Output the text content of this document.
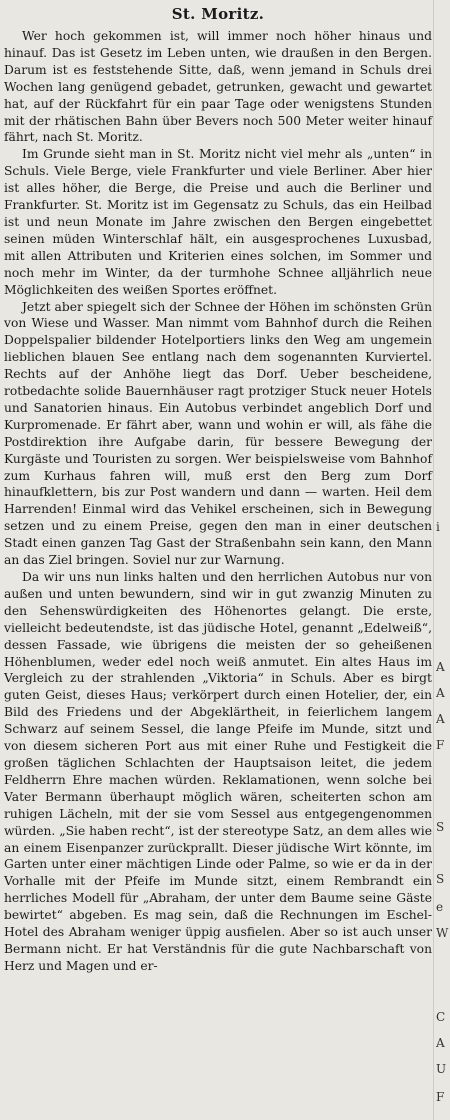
St. Moritz.

Wer hoch gekommen ist, will immer noch höher hinaus und hinauf. Das ist Gesetz im Leben unten, wie draußen in den Bergen. Darum ist es feststehende Sitte, daß, wenn jemand in Schuls drei Wochen lang genügend gebadet, getrunken, gewacht und gewartet hat, auf der Rückfahrt für ein paar Tage oder wenigstens Stunden mit der rhätischen Bahn über Bevers noch 500 Meter weiter hinauf fährt, nach St. Moritz.

Im Grunde sieht man in St. Moritz nicht viel mehr als „unten“ in Schuls. Viele Berge, viele Frankfurter und viele Berliner. Aber hier ist alles höher, die Berge, die Preise und auch die Berliner und Frankfurter. St. Moritz ist im Gegensatz zu Schuls, das ein Heilbad ist und neun Monate im Jahre zwischen den Bergen eingebettet seinen müden Winterschlaf hält, ein ausgesprochenes Luxusbad, mit allen Attributen und Kriterien eines solchen, im Sommer und noch mehr im Winter, da der turmhohe Schnee alljährlich neue Möglichkeiten des weißen Sportes eröffnet.

Jetzt aber spiegelt sich der Schnee der Höhen im schönsten Grün von Wiese und Wasser. Man nimmt vom Bahnhof durch die Reihen Doppelspalier bildender Hotelportiers links den Weg am ungemein lieblichen blauen See entlang nach dem sogenannten Kurviertel. Rechts auf der Anhöhe liegt das Dorf. Ueber bescheidene, rotbedachte solide Bauernhäuser ragt protziger Stuck neuer Hotels und Sanatorien hinaus. Ein Autobus verbindet angeblich Dorf und Kurpromenade. Er fährt aber, wann und wohin er will, als fähe die Postdirektion ihre Aufgabe darin, für bessere Bewegung der Kurgäste und Touristen zu sorgen. Wer beispielsweise vom Bahnhof zum Kurhaus fahren will, muß erst den Berg zum Dorf hinaufklettern, bis zur Post wandern und dann — warten. Heil dem Harrenden! Einmal wird das Vehikel erscheinen, sich in Bewegung setzen und zu einem Preise, gegen den man in einer deutschen Stadt einen ganzen Tag Gast der Straßenbahn sein kann, den Mann an das Ziel bringen. Soviel nur zur Warnung.

Da wir uns nun links halten und den herrlichen Autobus nur von außen und unten bewundern, sind wir in gut zwanzig Minuten zu den Sehenswürdigkeiten des Höhenortes gelangt. Die erste, vielleicht bedeutendste, ist das jüdische Hotel, genannt „Edelweiß“, dessen Fassade, wie übrigens die meisten der so geheißenen Höhenblumen, weder edel noch weiß anmutet. Ein altes Haus im Vergleich zu der strahlenden „Viktoria“ in Schuls. Aber es birgt guten Geist, dieses Haus; verkörpert durch einen Hotelier, der, ein Bild des Friedens und der Abgeklärtheit, in feierlichem langem Schwarz auf seinem Sessel, die lange Pfeife im Munde, sitzt und von diesem sicheren Port aus mit einer Ruhe und Festigkeit die großen täglichen Schlachten der Hauptsaison leitet, die jedem Feldherrn Ehre machen würden. Reklamationen, wenn solche bei Vater Bermann überhaupt möglich wären, scheiterten schon am ruhigen Lächeln, mit der sie vom Sessel aus entgegengenommen würden. „Sie haben recht“, ist der stereotype Satz, an dem alles wie an einem Eisenpanzer zurückprallt. Dieser jüdische Wirt könnte, im Garten unter einer mächtigen Linde oder Palme, so wie er da in der Vorhalle mit der Pfeife im Munde sitzt, einem Rembrandt ein herrliches Modell für „Abraham, der unter dem Baume seine Gäste bewirtet“ abgeben. Es mag sein, daß die Rechnungen im Eschel-Hotel des Abraham weniger üppig ausfielen. Aber so ist auch unser Bermann nicht. Er hat Verständnis für die gute Nachbarschaft von Herz und Magen und er-

i
A
A
A
F
S
S
e
W
C
A
U
F
